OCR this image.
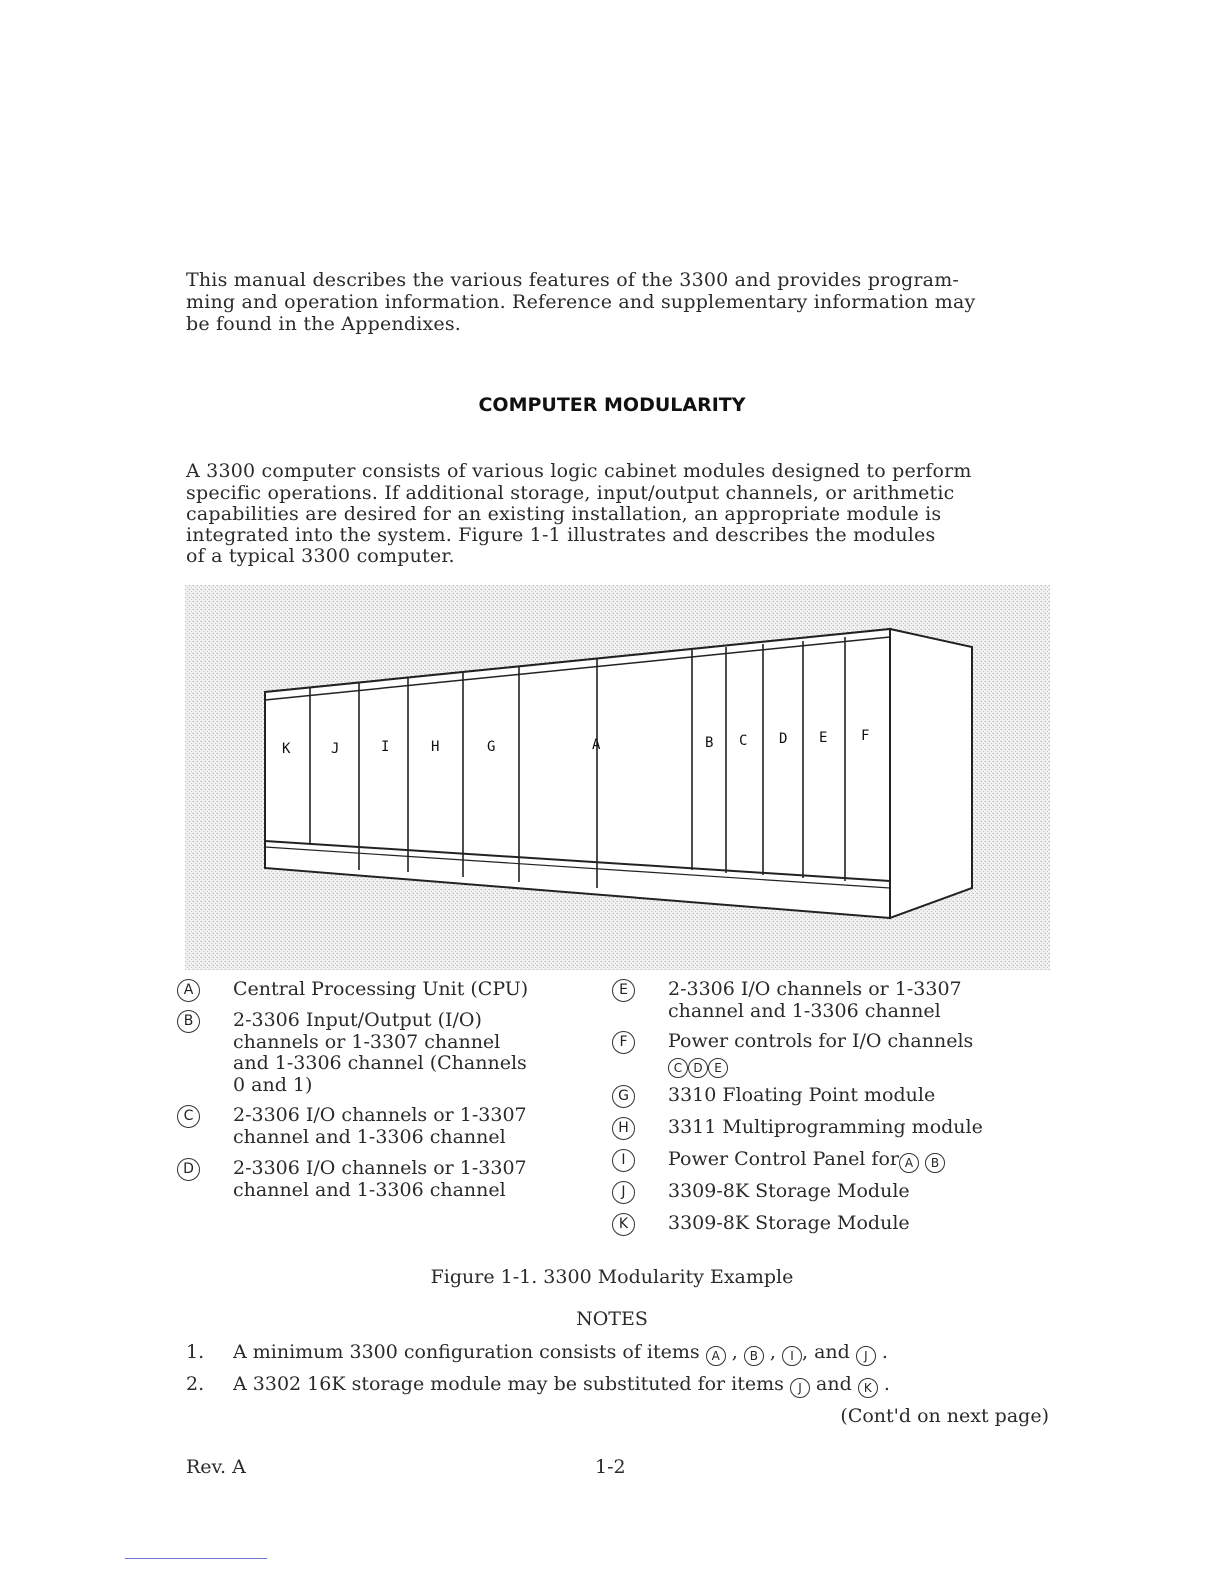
This manual describes the various features of the 3300 and provides program-

ming and operation information. Reference and supplementary information may

be found in the Appendixes.

COMPUTER MODULARITY

A 3300 computer consists of various logic cabinet modules designed to perform

specific operations. If additional storage, input/output channels, or arithmetic

capabilities are desired for an existing installation, an appropriate module is

integrated into the system. Figure 1-1 illustrates and describes the modules

of a typical 3300 computer.

K	J	I	H	G	A	B C D E F
A	Central Processing Unit (CPU)
B	2-3306 Input/Output (I/O)
channels or 1-3307 channel
and 1-3306 channel (Channels
0 and 1)
C	2-3306 I/O channels or 1-3307
channel and 1-3306 channel
D	2-3306 I/O channels or 1-3307
channel and 1-3306 channel
E	2-3306 I/O channels or 1-3307
channel and 1-3306 channel
F	Power controls for I/O channels
C D E
G	3310 Floating Point module
H	3311 Multiprogramming module
I	Power Control Panel for A B
J	3309-8K Storage Module
K	3309-8K Storage Module
Figure 1-1. 3300 Modularity Example
NOTES
1. A minimum 3300 configuration consists of items A , B , I , and J .
2. A 3302 16K storage module may be substituted for items J and K .
(Cont'd on next page)
Rev. A	1-2
